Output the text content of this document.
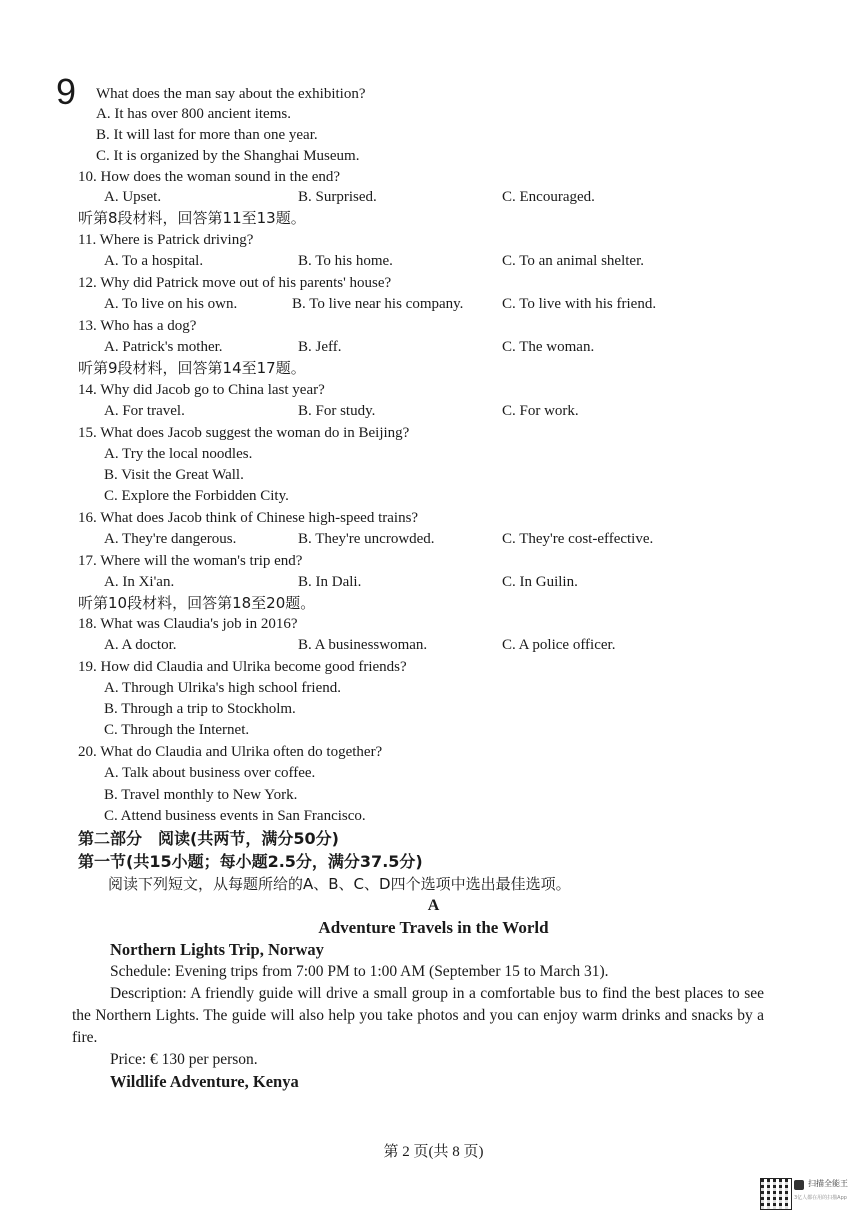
9 What does the man say about the exhibition?
A. It has over 800 ancient items.
B. It will last for more than one year.
C. It is organized by the Shanghai Museum.
10. How does the woman sound in the end?
A. Upset.	B. Surprised.	C. Encouraged.
听第8段材料，回答第11至13题。
11. Where is Patrick driving?
A. To a hospital.	B. To his home.	C. To an animal shelter.
12. Why did Patrick move out of his parents' house?
A. To live on his own.	B. To live near his company.	C. To live with his friend.
13. Who has a dog?
A. Patrick's mother.	B. Jeff.	C. The woman.
听第9段材料，回答第14至17题。
14. Why did Jacob go to China last year?
A. For travel.	B. For study.	C. For work.
15. What does Jacob suggest the woman do in Beijing?
A. Try the local noodles.
B. Visit the Great Wall.
C. Explore the Forbidden City.
16. What does Jacob think of Chinese high-speed trains?
A. They're dangerous.	B. They're uncrowded.	C. They're cost-effective.
17. Where will the woman's trip end?
A. In Xi'an.	B. In Dali.	C. In Guilin.
听第10段材料，回答第18至20题。
18. What was Claudia's job in 2016?
A. A doctor.	B. A businesswoman.	C. A police officer.
19. How did Claudia and Ulrika become good friends?
A. Through Ulrika's high school friend.
B. Through a trip to Stockholm.
C. Through the Internet.
20. What do Claudia and Ulrika often do together?
A. Talk about business over coffee.
B. Travel monthly to New York.
C. Attend business events in San Francisco.
第二部分　阅读(共两节，满分50分)
第一节(共15小题；每小题2.5分，满分37.5分)
阅读下列短文，从每题所给的A、B、C、D四个选项中选出最佳选项。
A
Adventure Travels in the World
Northern Lights Trip, Norway
Schedule: Evening trips from 7:00 PM to 1:00 AM (September 15 to March 31).
Description: A friendly guide will drive a small group in a comfortable bus to find the best places to see the Northern Lights. The guide will also help you take photos and you can enjoy warm drinks and snacks by a fire.
Price: € 130 per person.
Wildlife Adventure, Kenya
第 2 页(共 8 页)
扫描全能王
3亿人都在用的扫描App
